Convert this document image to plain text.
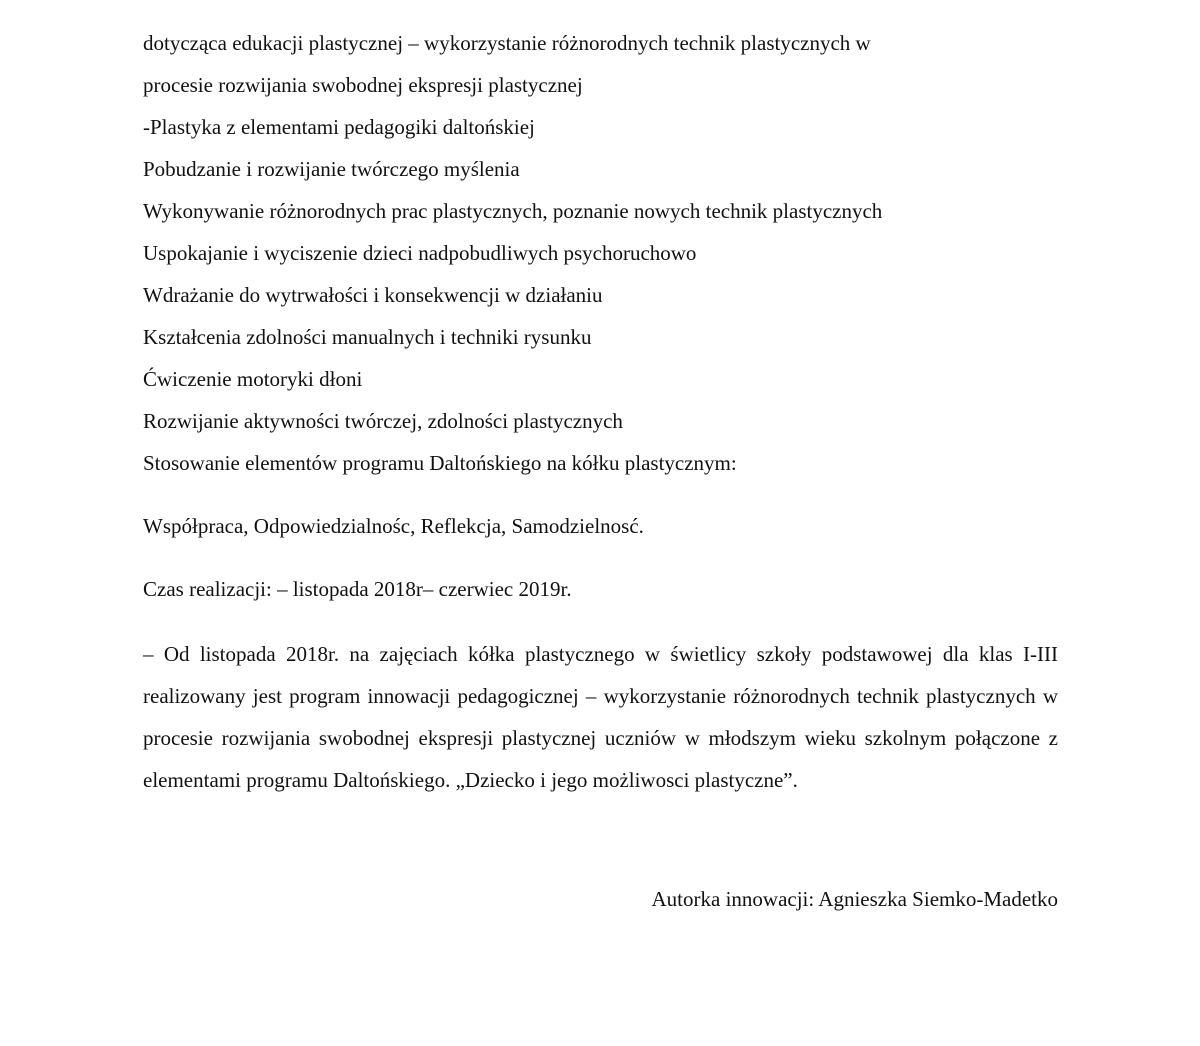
dotycząca edukacji plastycznej – wykorzystanie różnorodnych technik plastycznych w
procesie rozwijania swobodnej ekspresji plastycznej
-Plastyka z elementami pedagogiki daltońskiej
Pobudzanie i rozwijanie twórczego myślenia
Wykonywanie różnorodnych prac plastycznych, poznanie nowych technik plastycznych
Uspokajanie i wyciszenie dzieci nadpobudliwych psychoruchowo
Wdrażanie do wytrwałości i konsekwencji w działaniu
Kształcenia zdolności manualnych i techniki rysunku
Ćwiczenie motoryki dłoni
Rozwijanie aktywności twórczej, zdolności plastycznych
Stosowanie elementów programu Daltońskiego na kółku plastycznym:

Współpraca, Odpowiedzialnośc, Reflekcja, Samodzielnosć.

Czas realizacji: – listopada 2018r– czerwiec 2019r.

– Od listopada 2018r. na zajęciach kółka plastycznego w świetlicy szkoły podstawowej dla klas I-III realizowany jest program innowacji pedagogicznej – wykorzystanie różnorodnych technik plastycznych w procesie rozwijania swobodnej ekspresji plastycznej uczniów w młodszym wieku szkolnym połączone z elementami programu Daltońskiego. „Dziecko i jego możliwosci plastyczne”.

Autorka innowacji: Agnieszka Siemko-Madetko
